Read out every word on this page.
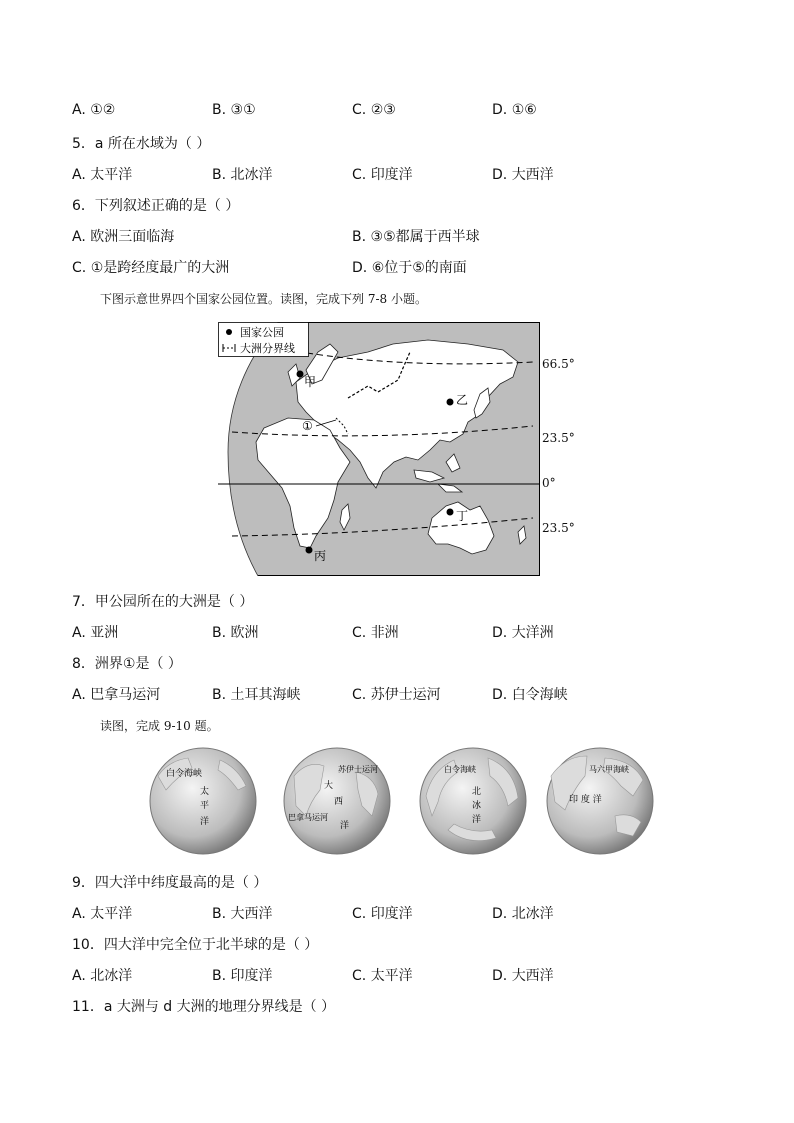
A. ①②	B. ③①	C. ②③	D. ①⑥
5．a 所在水域为（ ）
A. 太平洋	B. 北冰洋	C. 印度洋	D. 大西洋
6．下列叙述正确的是（ ）
A. 欧洲三面临海	B. ③⑤都属于西半球
C. ①是跨经度最广的大洲	D. ⑥位于⑤的南面
下图示意世界四个国家公园位置。读图，完成下列 7-8 小题。
国家公园
大洲分界线
甲
乙
丙
丁
①
66.5°
23.5°
0°
23.5°
7．甲公园所在的大洲是（ ）
A. 亚洲	B. 欧洲	C. 非洲	D. 大洋洲
8．洲界①是（ ）
A. 巴拿马运河	B. 土耳其海峡	C. 苏伊士运河	D. 白令海峡
读图，完成 9-10 题。
白令海峡
太
平
洋
苏伊士运河
大
西
洋
巴拿马运河
白令海峡
北
冰
洋
马六甲海峡
印 度 洋
9．四大洋中纬度最高的是（ ）
A. 太平洋	B. 大西洋	C. 印度洋	D. 北冰洋
10．四大洋中完全位于北半球的是（ ）
A. 北冰洋	B. 印度洋	C. 太平洋	D. 大西洋
11．a 大洲与 d 大洲的地理分界线是（ ）
